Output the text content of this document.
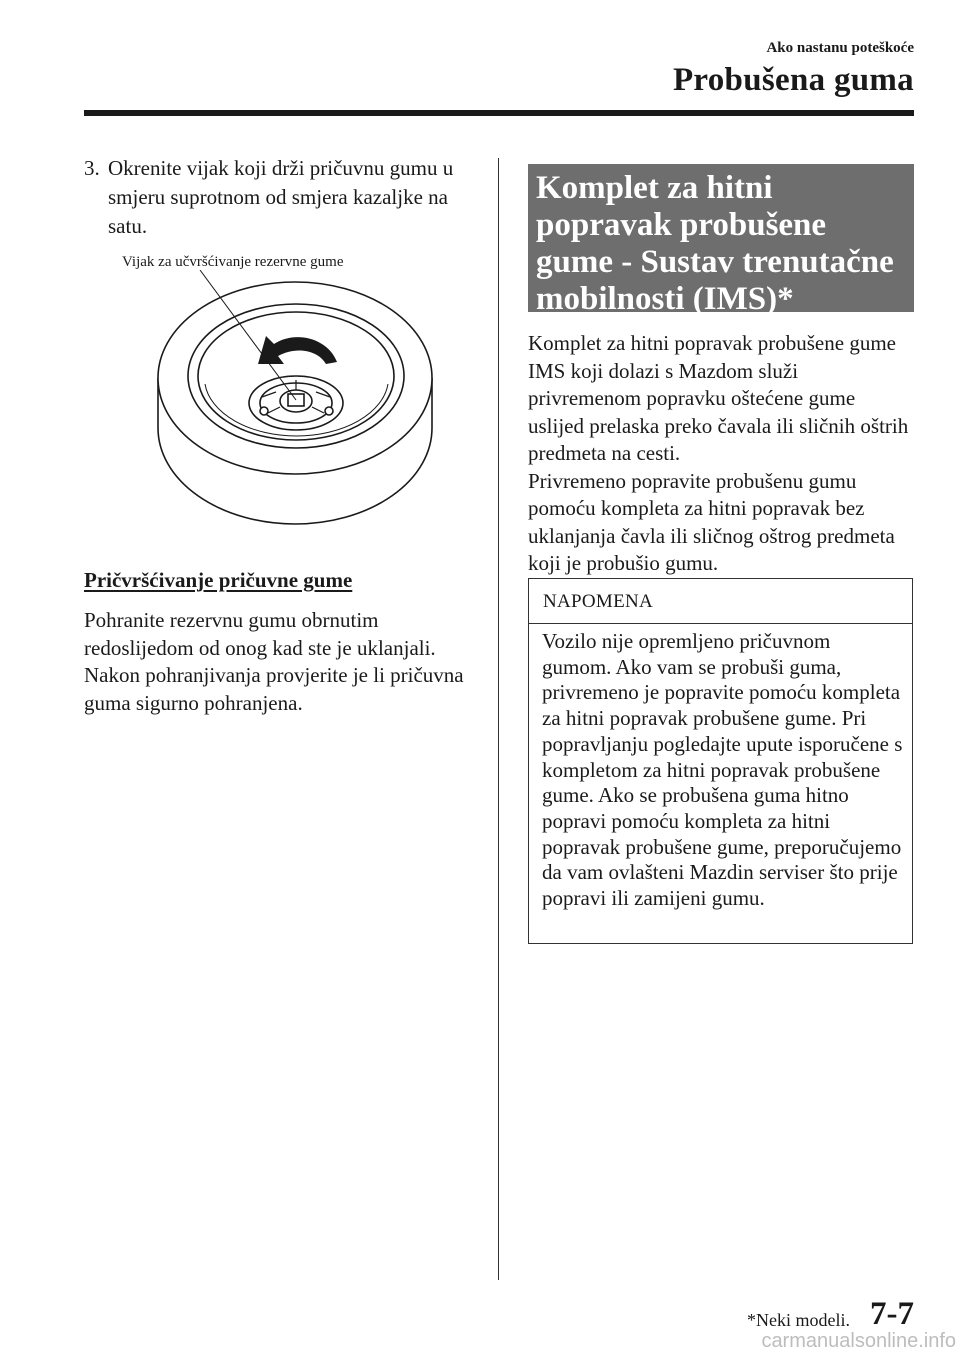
Ako nastanu poteškoće
Probušena guma
3. Okrenite vijak koji drži pričuvnu gumu u smjeru suprotnom od smjera kazaljke na satu.
Vijak za učvršćivanje rezervne gume
Pričvršćivanje pričuvne gume
Pohranite rezervnu gumu obrnutim redoslijedom od onog kad ste je uklanjali. Nakon pohranjivanja provjerite je li pričuvna guma sigurno pohranjena.
Komplet za hitni popravak probušene gume - Sustav trenutačne mobilnosti (IMS)*
Komplet za hitni popravak probušene gume IMS koji dolazi s Mazdom služi privremenom popravku oštećene gume uslijed prelaska preko čavala ili sličnih oštrih predmeta na cesti.
Privremeno popravite probušenu gumu pomoću kompleta za hitni popravak bez uklanjanja čavla ili sličnog oštrog predmeta koji je probušio gumu.
NAPOMENA
Vozilo nije opremljeno pričuvnom gumom. Ako vam se probuši guma, privremeno je popravite pomoću kompleta za hitni popravak probušene gume. Pri popravljanju pogledajte upute isporučene s kompletom za hitni popravak probušene gume. Ako se probušena guma hitno popravi pomoću kompleta za hitni popravak probušene gume, preporučujemo da vam ovlašteni Mazdin serviser što prije popravi ili zamijeni gumu.
*Neki modeli. 7-7
carmanualsonline.info
